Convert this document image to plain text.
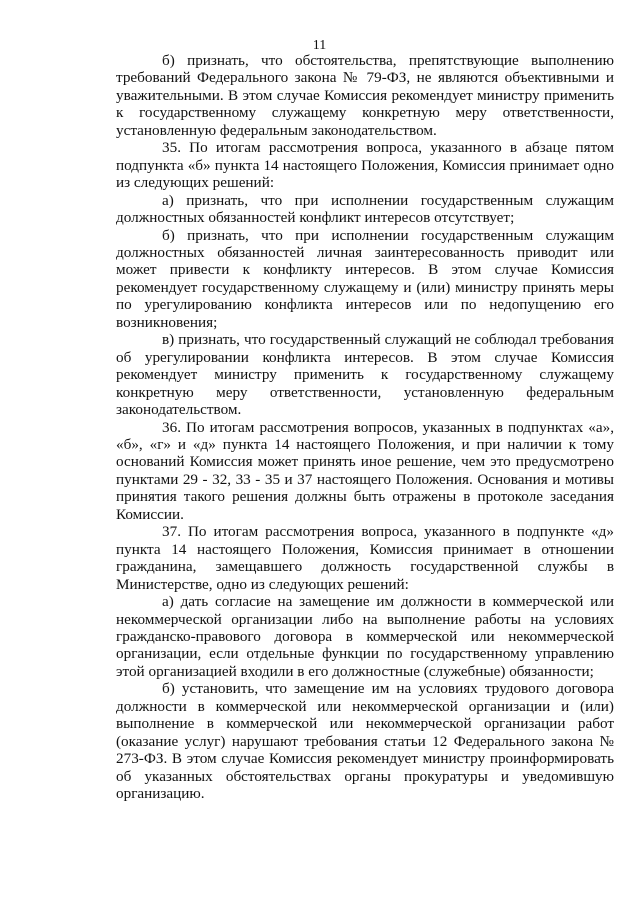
11

б) признать, что обстоятельства, препятствующие выполнению требований Федерального закона № 79-ФЗ, не являются объективными и уважительными. В этом случае Комиссия рекомендует министру применить к государственному служащему конкретную меру ответственности, установленную федеральным законодательством.

35. По итогам рассмотрения вопроса, указанного в абзаце пятом подпункта «б» пункта 14 настоящего Положения, Комиссия принимает одно из следующих решений:

а) признать, что при исполнении государственным служащим должностных обязанностей конфликт интересов отсутствует;

б) признать, что при исполнении государственным служащим должностных обязанностей личная заинтересованность приводит или может привести к конфликту интересов. В этом случае Комиссия рекомендует государственному служащему и (или) министру принять меры по урегулированию конфликта интересов или по недопущению его возникновения;

в) признать, что государственный служащий не соблюдал требования об урегулировании конфликта интересов. В этом случае Комиссия рекомендует министру применить к государственному служащему конкретную меру ответственности, установленную федеральным законодательством.

36. По итогам рассмотрения вопросов, указанных в подпунктах «а», «б», «г» и «д» пункта 14 настоящего Положения, и при наличии к тому оснований Комиссия может принять иное решение, чем это предусмотрено пунктами 29 - 32, 33 - 35 и 37 настоящего Положения. Основания и мотивы принятия такого решения должны быть отражены в протоколе заседания Комиссии.

37. По итогам рассмотрения вопроса, указанного в подпункте «д» пункта 14 настоящего Положения, Комиссия принимает в отношении гражданина, замещавшего должность государственной службы в Министерстве, одно из следующих решений:

а) дать согласие на замещение им должности в коммерческой или некоммерческой организации либо на выполнение работы на условиях гражданско-правового договора в коммерческой или некоммерческой организации, если отдельные функции по государственному управлению этой организацией входили в его должностные (служебные) обязанности;

б) установить, что замещение им на условиях трудового договора должности в коммерческой или некоммерческой организации и (или) выполнение в коммерческой или некоммерческой организации работ (оказание услуг) нарушают требования статьи 12 Федерального закона № 273-ФЗ. В этом случае Комиссия рекомендует министру проинформировать об указанных обстоятельствах органы прокуратуры и уведомившую организацию.
